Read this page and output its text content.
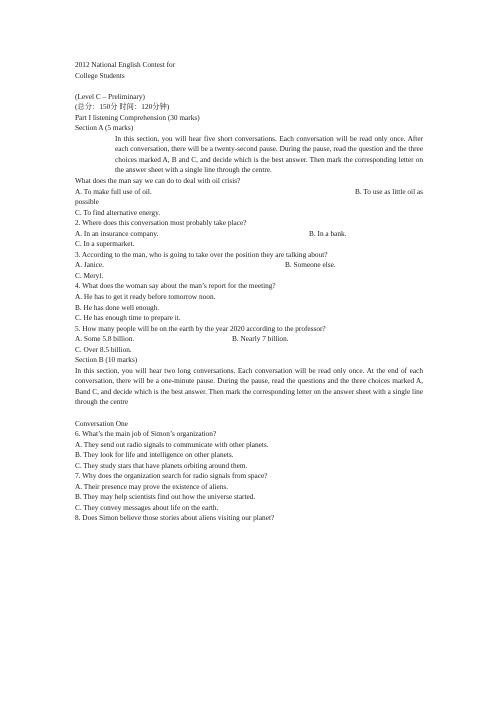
2012 National English Contest for
College Students
(Level C – Preliminary)
(总分：150分 时间：120分钟)
Part I listening Comprehension (30 marks)
Section A (5 marks)
In this section, you will hear five short conversations. Each conversation will be read only once. After each conversation, there will be a twenty-second pause. During the pause, read the question and the three choices marked A, B and C, and decide which is the best answer. Then mark the corresponding letter on the answer sheet with a single line through the centre.
What does the man say we can do to deal with oil crisis?
A. To make full use of oil.	B. To use as little oil as
possible
C. To find alternative energy.
2. Where does this conversation most probably take place?
A. In an insurance company.	B. In a bank.
C. In a supermarket.
3. According to the man, who is going to take over the position they are talking about?
A. Janice.	B. Someone else.
C. Meryl.
4. What does the woman say about the man’s report for the meeting?
A. He has to get it ready before tomorrow noon.
B. He has done well enough.
C. He has enough time to prepare it.
5. How many people will be on the earth by the year 2020 according to the professor?
A. Some 5.8 billion.	B. Nearly 7 billion.
C. Over 8.5 billion.
Section B (10 marks)
In this section, you will hear two long conversations. Each conversation will be read only once. At the end of each conversation, there will be a one-minute pause. During the pause, read the questions and the three choices marked A, Band C, and decide which is the best answer. Then mark the corresponding letter on the answer sheet with a single line through the centre
Conversation One
6. What’s the main job of Simon’s organization?
A. They send out radio signals to communicate with other planets.
B. They look for life and intelligence on other planets.
C. They study stars that have planets orbiting around them.
7. Why does the organization search for radio signals from space?
A. Their presence may prove the existence of aliens.
B. They may help scientists find out how the universe started.
C. They convey messages about life on the earth.
8. Does Simon believe those stories about aliens visiting our planet?
